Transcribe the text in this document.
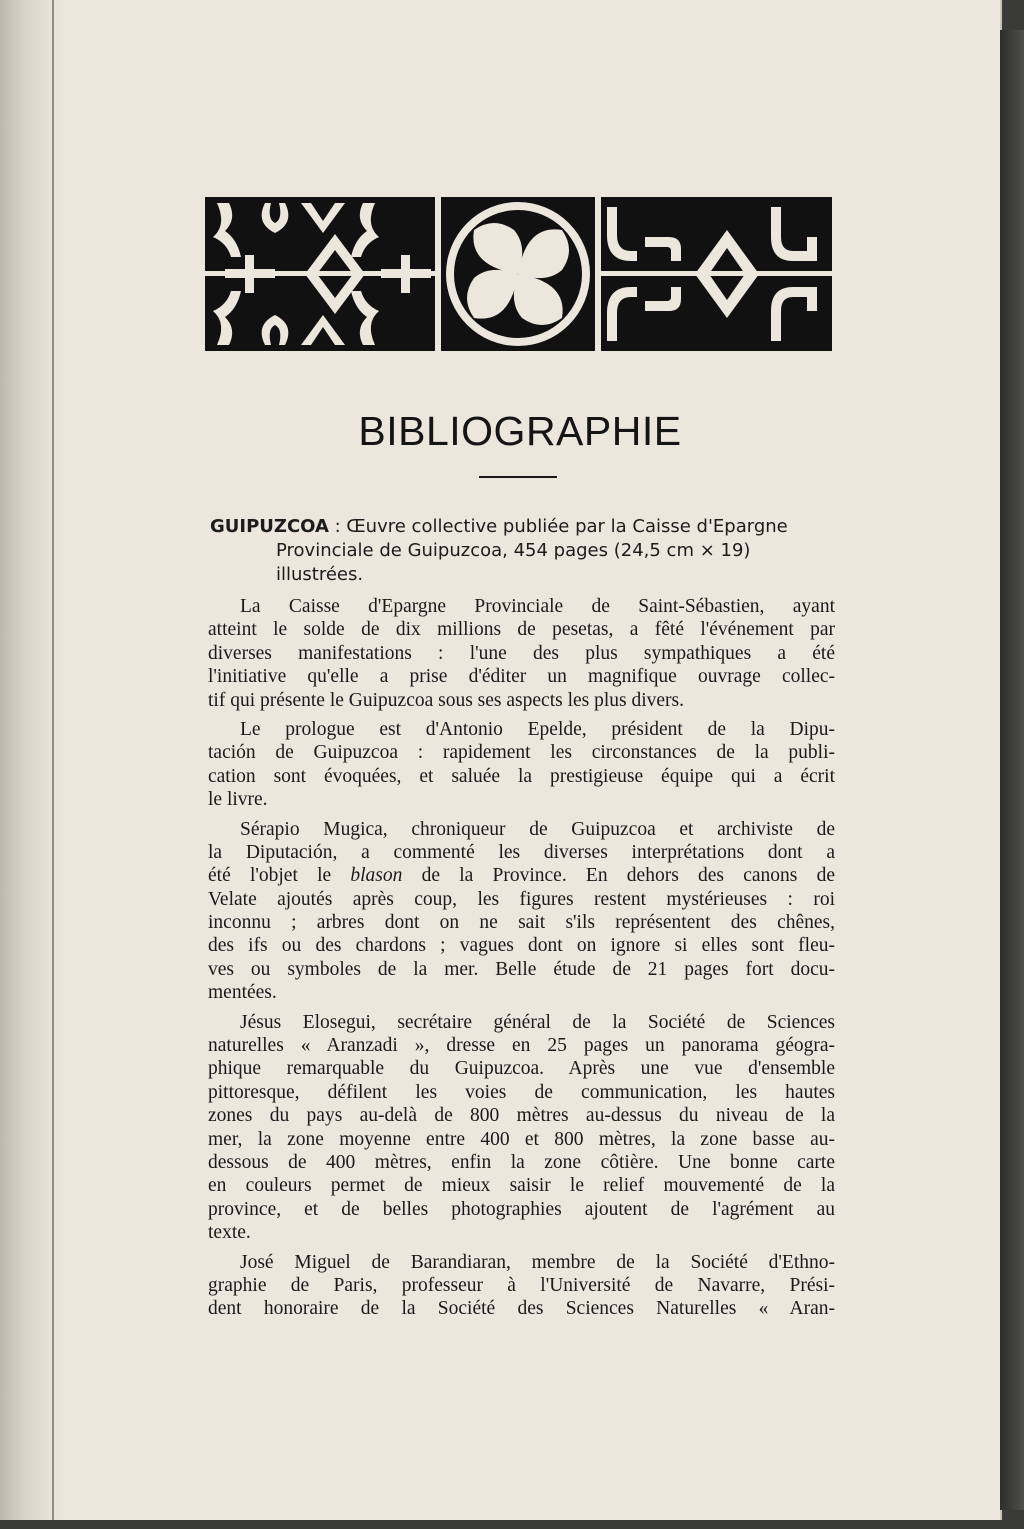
BIBLIOGRAPHIE
GUIPUZCOA : Œuvre collective publiée par la Caisse d'Epargne
Provinciale de Guipuzcoa, 454 pages (24,5 cm × 19)
illustrées.

La Caisse d'Epargne Provinciale de Saint-Sébastien, ayant
atteint le solde de dix millions de pesetas, a fêté l'événement par
diverses manifestations : l'une des plus sympathiques a été
l'initiative qu'elle a prise d'éditer un magnifique ouvrage collec-
tif qui présente le Guipuzcoa sous ses aspects les plus divers.

Le prologue est d'Antonio Epelde, président de la Dipu-
tación de Guipuzcoa : rapidement les circonstances de la publi-
cation sont évoquées, et saluée la prestigieuse équipe qui a écrit
le livre.

Sérapio Mugica, chroniqueur de Guipuzcoa et archiviste de
la Diputación, a commenté les diverses interprétations dont a
été l'objet le blason de la Province. En dehors des canons de
Velate ajoutés après coup, les figures restent mystérieuses : roi
inconnu ; arbres dont on ne sait s'ils représentent des chênes,
des ifs ou des chardons ; vagues dont on ignore si elles sont fleu-
ves ou symboles de la mer. Belle étude de 21 pages fort docu-
mentées.

Jésus Elosegui, secrétaire général de la Société de Sciences
naturelles « Aranzadi », dresse en 25 pages un panorama géogra-
phique remarquable du Guipuzcoa. Après une vue d'ensemble
pittoresque, défilent les voies de communication, les hautes
zones du pays au-delà de 800 mètres au-dessus du niveau de la
mer, la zone moyenne entre 400 et 800 mètres, la zone basse au-
dessous de 400 mètres, enfin la zone côtière. Une bonne carte
en couleurs permet de mieux saisir le relief mouvementé de la
province, et de belles photographies ajoutent de l'agrément au
texte.

José Miguel de Barandiaran, membre de la Société d'Ethno-
graphie de Paris, professeur à l'Université de Navarre, Prési-
dent honoraire de la Société des Sciences Naturelles « Aran-
